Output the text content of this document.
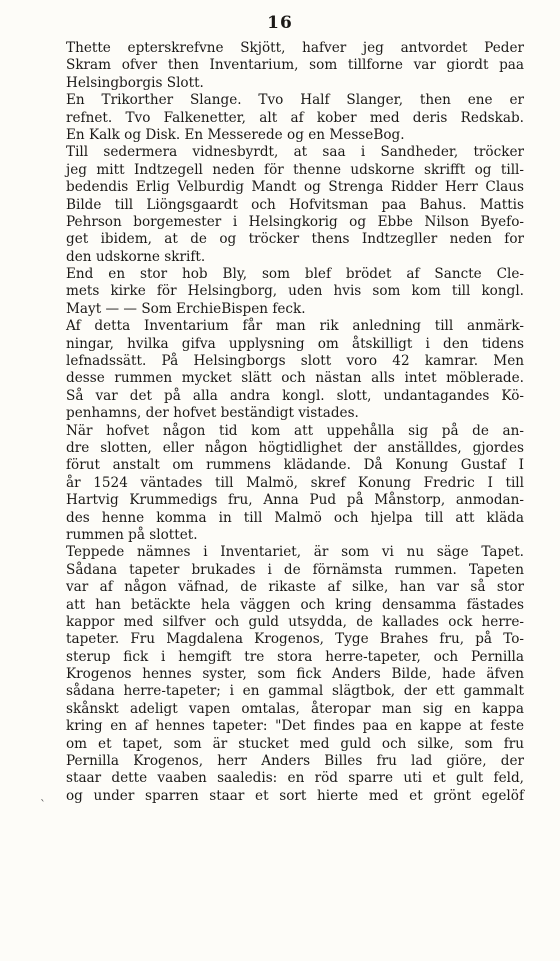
16
`
Thette epterskrefvne Skjött, hafver jeg antvordet Peder
Skram ofver then Inventarium, som tillforne var giordt paa
Helsingborgis Slott.
En Trikorther Slange. Tvo Half Slanger, then ene er
refnet. Tvo Falkenetter, alt af kober med deris Redskab.
En Kalk og Disk. En Messerede og en MesseBog.
Till sedermera vidnesbyrdt, at saa i Sandheder, tröcker
jeg mitt Indtzegell neden för thenne udskorne skrifft og till-
bedendis Erlig Velburdig Mandt og Strenga Ridder Herr Claus
Bilde till Liöngsgaardt och Hofvitsman paa Bahus. Mattis
Pehrson borgemester i Helsingkorig og Ebbe Nilson Byefo-
get ibidem, at de og tröcker thens Indtzegller neden for
den udskorne skrift.
End en stor hob Bly, som blef brödet af Sancte Cle-
mets kirke för Helsingborg, uden hvis som kom till kongl.
Mayt — — Som ErchieBispen feck.
Af detta Inventarium får man rik anledning till anmärk-
ningar, hvilka gifva upplysning om åtskilligt i den tidens
lefnadssätt. På Helsingborgs slott voro 42 kamrar. Men
desse rummen mycket slätt och nästan alls intet möblerade.
Så var det på alla andra kongl. slott, undantagandes Kö-
penhamns, der hofvet beständigt vistades.
När hofvet någon tid kom att uppehålla sig på de an-
dre slotten, eller någon högtidlighet der anställdes, gjordes
förut anstalt om rummens klädande. Då Konung Gustaf I
år 1524 väntades till Malmö, skref Konung Fredric I till
Hartvig Krummedigs fru, Anna Pud på Månstorp, anmodan-
des henne komma in till Malmö och hjelpa till att kläda
rummen på slottet.
Teppede nämnes i Inventariet, är som vi nu säge Tapet.
Sådana tapeter brukades i de förnämsta rummen. Tapeten
var af någon väfnad, de rikaste af silke, han var så stor
att han betäckte hela väggen och kring densamma fästades
kappor med silfver och guld utsydda, de kallades ock herre-
tapeter. Fru Magdalena Krogenos, Tyge Brahes fru, på To-
sterup fick i hemgift tre stora herre-tapeter, och Pernilla
Krogenos hennes syster, som fick Anders Bilde, hade äfven
sådana herre-tapeter; i en gammal slägtbok, der ett gammalt
skånskt adeligt vapen omtalas, återopar man sig en kappa
kring en af hennes tapeter: "Det findes paa en kappe at feste
om et tapet, som är stucket med guld och silke, som fru
Pernilla Krogenos, herr Anders Billes fru lad giöre, der
staar dette vaaben saaledis: en röd sparre uti et gult feld,
og under sparren staar et sort hierte med et grönt egelöf
